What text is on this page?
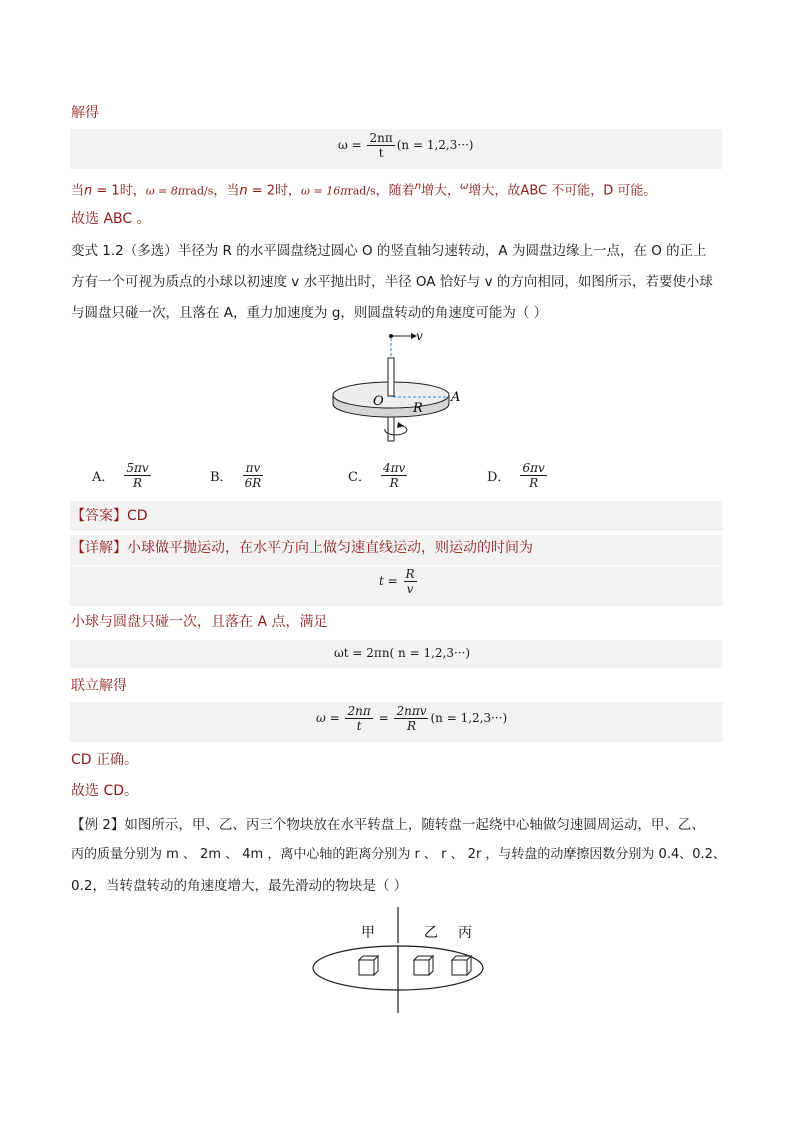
解得
$\omega = \frac{2n\pi}{t} (n = 1,2,3\cdot\cdot\cdot)$
当n = 1时，ω = 8πrad/s，当n = 2时，ω = 16πrad/s，随着$^n$增大，$^\omega$增大，故ABC 不可能，D 可能。
故选 ABC 。
变式 1.2（多选）半径为 R 的水平圆盘绕过圆心 O 的竖直轴匀速转动，A 为圆盘边缘上一点，在 O 的正上
方有一个可视为质点的小球以初速度 v 水平抛出时，半径 OA 恰好与 v 的方向相同，如图所示，若要使小球
与圆盘只碰一次，且落在 A，重力加速度为 g，则圆盘转动的角速度可能为（ ）
v
O R
A
A． $\frac{5\pi v}{R}$	B． $\frac{\pi v}{6R}$	C． $\frac{4\pi v}{R}$	D． $\frac{6\pi v}{R}$
【答案】CD
【详解】小球做平抛运动，在水平方向上做匀速直线运动，则运动的时间为
$t = \frac{R}{v}$
小球与圆盘只碰一次，且落在 A 点，满足
ωt = 2πn( n = 1,2,3···)
联立解得
$\omega = \frac{2n\pi}{t} = \frac{\text{2nπv}}{R} (n = 1,2,3\cdot\cdot\cdot)$
CD 正确。
故选 CD。
【例 2】如图所示，甲、乙、丙三个物块放在水平转盘上，随转盘一起绕中心轴做匀速圆周运动，甲、乙、
丙的质量分别为 m 、 2m 、 4m ，离中心轴的距离分别为 r 、 r 、 2r ，与转盘的动摩擦因数分别为 0.4、0.2、
0.2，当转盘转动的角速度增大，最先滑动的物块是（ ）
甲	乙 丙
